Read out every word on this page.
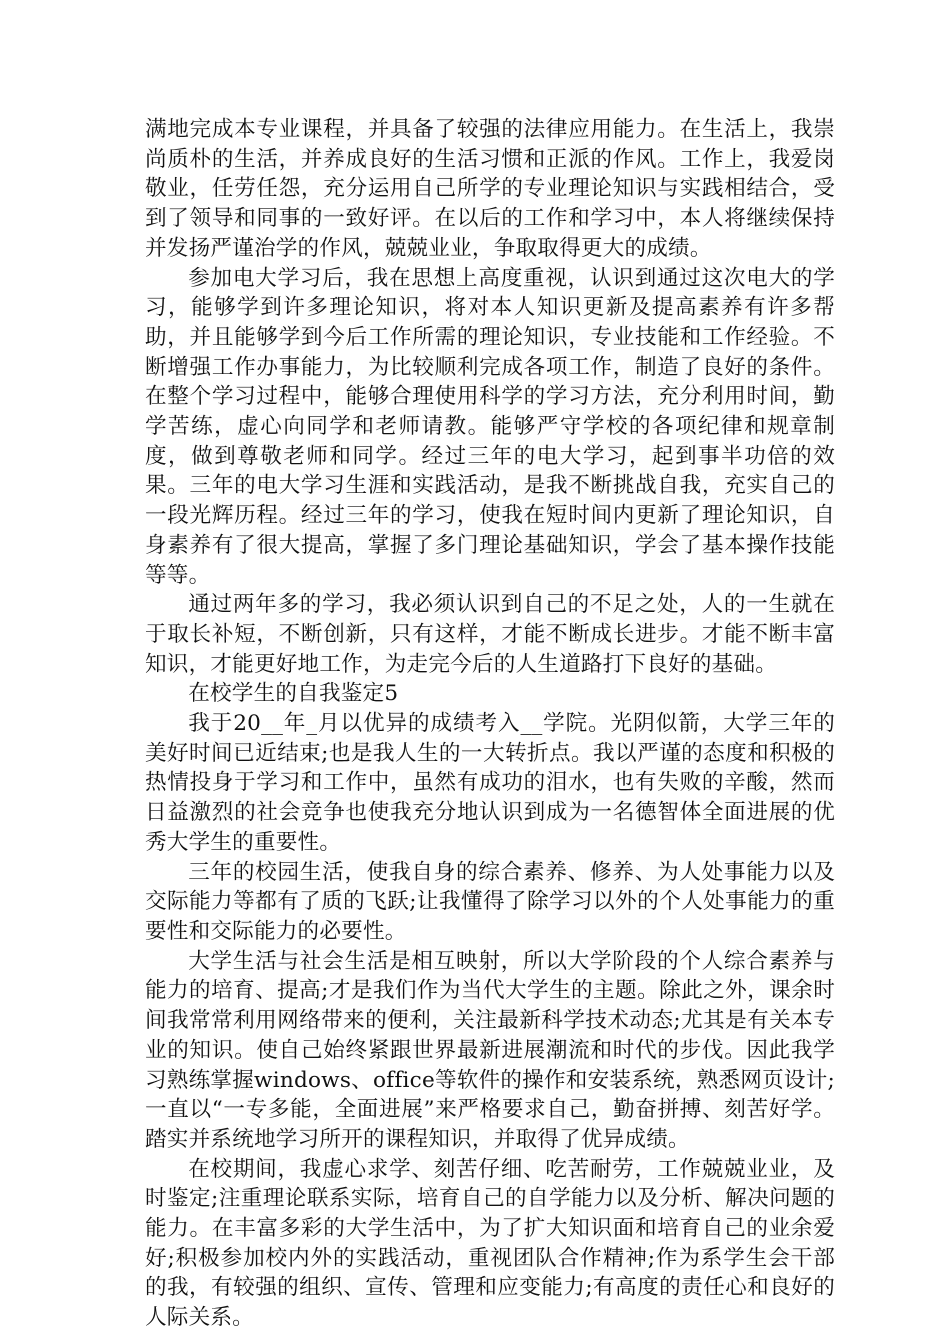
满地完成本专业课程，并具备了较强的法律应用能力。在生活上，我崇尚质朴的生活，并养成良好的生活习惯和正派的作风。工作上，我爱岗敬业，任劳任怨，充分运用自己所学的专业理论知识与实践相结合，受到了领导和同事的一致好评。在以后的工作和学习中，本人将继续保持并发扬严谨治学的作风，兢兢业业，争取取得更大的成绩。

参加电大学习后，我在思想上高度重视，认识到通过这次电大的学习，能够学到许多理论知识，将对本人知识更新及提高素养有许多帮助，并且能够学到今后工作所需的理论知识，专业技能和工作经验。不断增强工作办事能力，为比较顺利完成各项工作，制造了良好的条件。在整个学习过程中，能够合理使用科学的学习方法，充分利用时间，勤学苦练，虚心向同学和老师请教。能够严守学校的各项纪律和规章制度，做到尊敬老师和同学。经过三年的电大学习，起到事半功倍的效果。三年的电大学习生涯和实践活动，是我不断挑战自我，充实自己的一段光辉历程。经过三年的学习，使我在短时间内更新了理论知识，自身素养有了很大提高，掌握了多门理论基础知识，学会了基本操作技能等等。

通过两年多的学习，我必须认识到自己的不足之处，人的一生就在于取长补短，不断创新，只有这样，才能不断成长进步。才能不断丰富知识，才能更好地工作，为走完今后的人生道路打下良好的基础。

在校学生的自我鉴定5

我于20__年_月以优异的成绩考入__学院。光阴似箭，大学三年的美好时间已近结束;也是我人生的一大转折点。我以严谨的态度和积极的热情投身于学习和工作中，虽然有成功的泪水，也有失败的辛酸，然而日益激烈的社会竞争也使我充分地认识到成为一名德智体全面进展的优秀大学生的重要性。

三年的校园生活，使我自身的综合素养、修养、为人处事能力以及交际能力等都有了质的飞跃;让我懂得了除学习以外的个人处事能力的重要性和交际能力的必要性。

大学生活与社会生活是相互映射，所以大学阶段的个人综合素养与能力的培育、提高;才是我们作为当代大学生的主题。除此之外，课余时间我常常利用网络带来的便利，关注最新科学技术动态;尤其是有关本专业的知识。使自己始终紧跟世界最新进展潮流和时代的步伐。因此我学习熟练掌握windows、office等软件的操作和安装系统，熟悉网页设计;一直以“一专多能，全面进展”来严格要求自己，勤奋拼搏、刻苦好学。踏实并系统地学习所开的课程知识，并取得了优异成绩。

在校期间，我虚心求学、刻苦仔细、吃苦耐劳，工作兢兢业业，及时鉴定;注重理论联系实际，培育自己的自学能力以及分析、解决问题的能力。在丰富多彩的大学生活中，为了扩大知识面和培育自己的业余爱好;积极参加校内外的实践活动，重视团队合作精神;作为系学生会干部的我，有较强的组织、宣传、管理和应变能力;有高度的责任心和良好的人际关系。
